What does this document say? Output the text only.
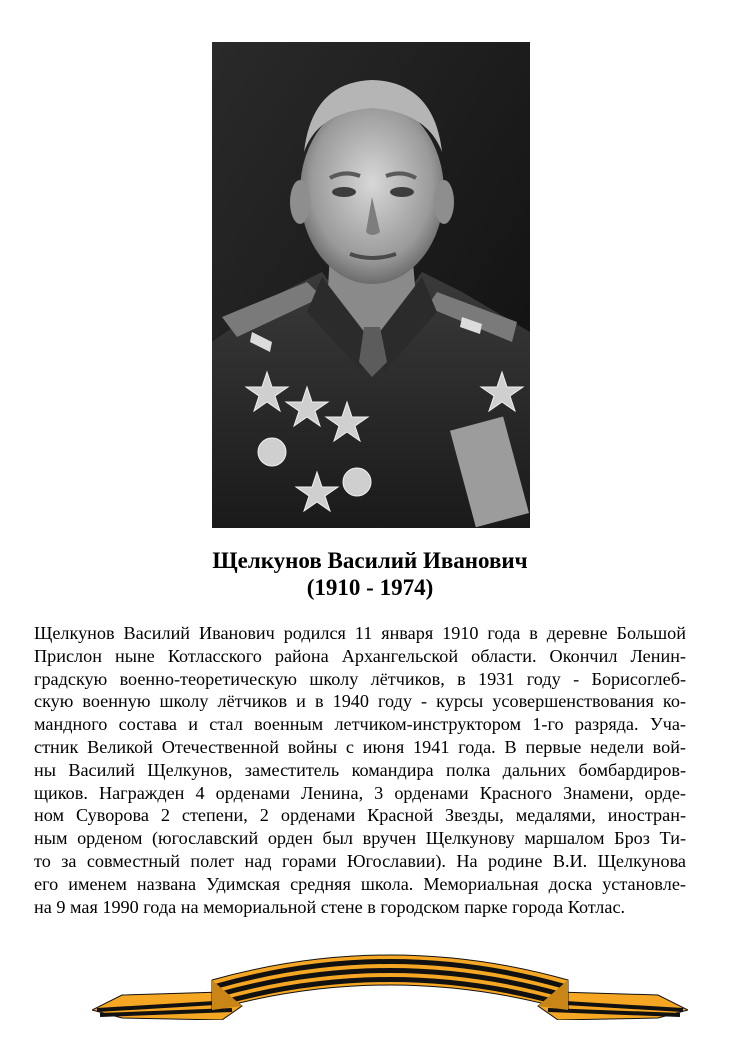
Щелкунов Василий Иванович
(1910 - 1974)
Щелкунов Василий Иванович родился 11 января 1910 года в деревне Большой
Прислон ныне Котласского района Архангельской области. Окончил Ленин-
градскую военно-теоретическую школу лётчиков, в 1931 году - Борисоглеб-
скую военную школу лётчиков и в 1940 году - курсы усовершенствования ко-
мандного состава и стал военным летчиком-инструктором 1-го разряда. Уча-
стник Великой Отечественной войны с июня 1941 года. В первые недели вой-
ны Василий Щелкунов, заместитель командира полка дальних бомбардиров-
щиков. Награжден 4 орденами Ленина, 3 орденами Красного Знамени, орде-
ном Суворова 2 степени, 2 орденами Красной Звезды, медалями, иностран-
ным орденом (югославский орден был вручен Щелкунову маршалом Броз Ти-
то за совместный полет над горами Югославии). На родине В.И. Щелкунова
его именем названа Удимская средняя школа. Мемориальная доска установле-
на 9 мая 1990 года на мемориальной стене в городском парке города Котлас.
